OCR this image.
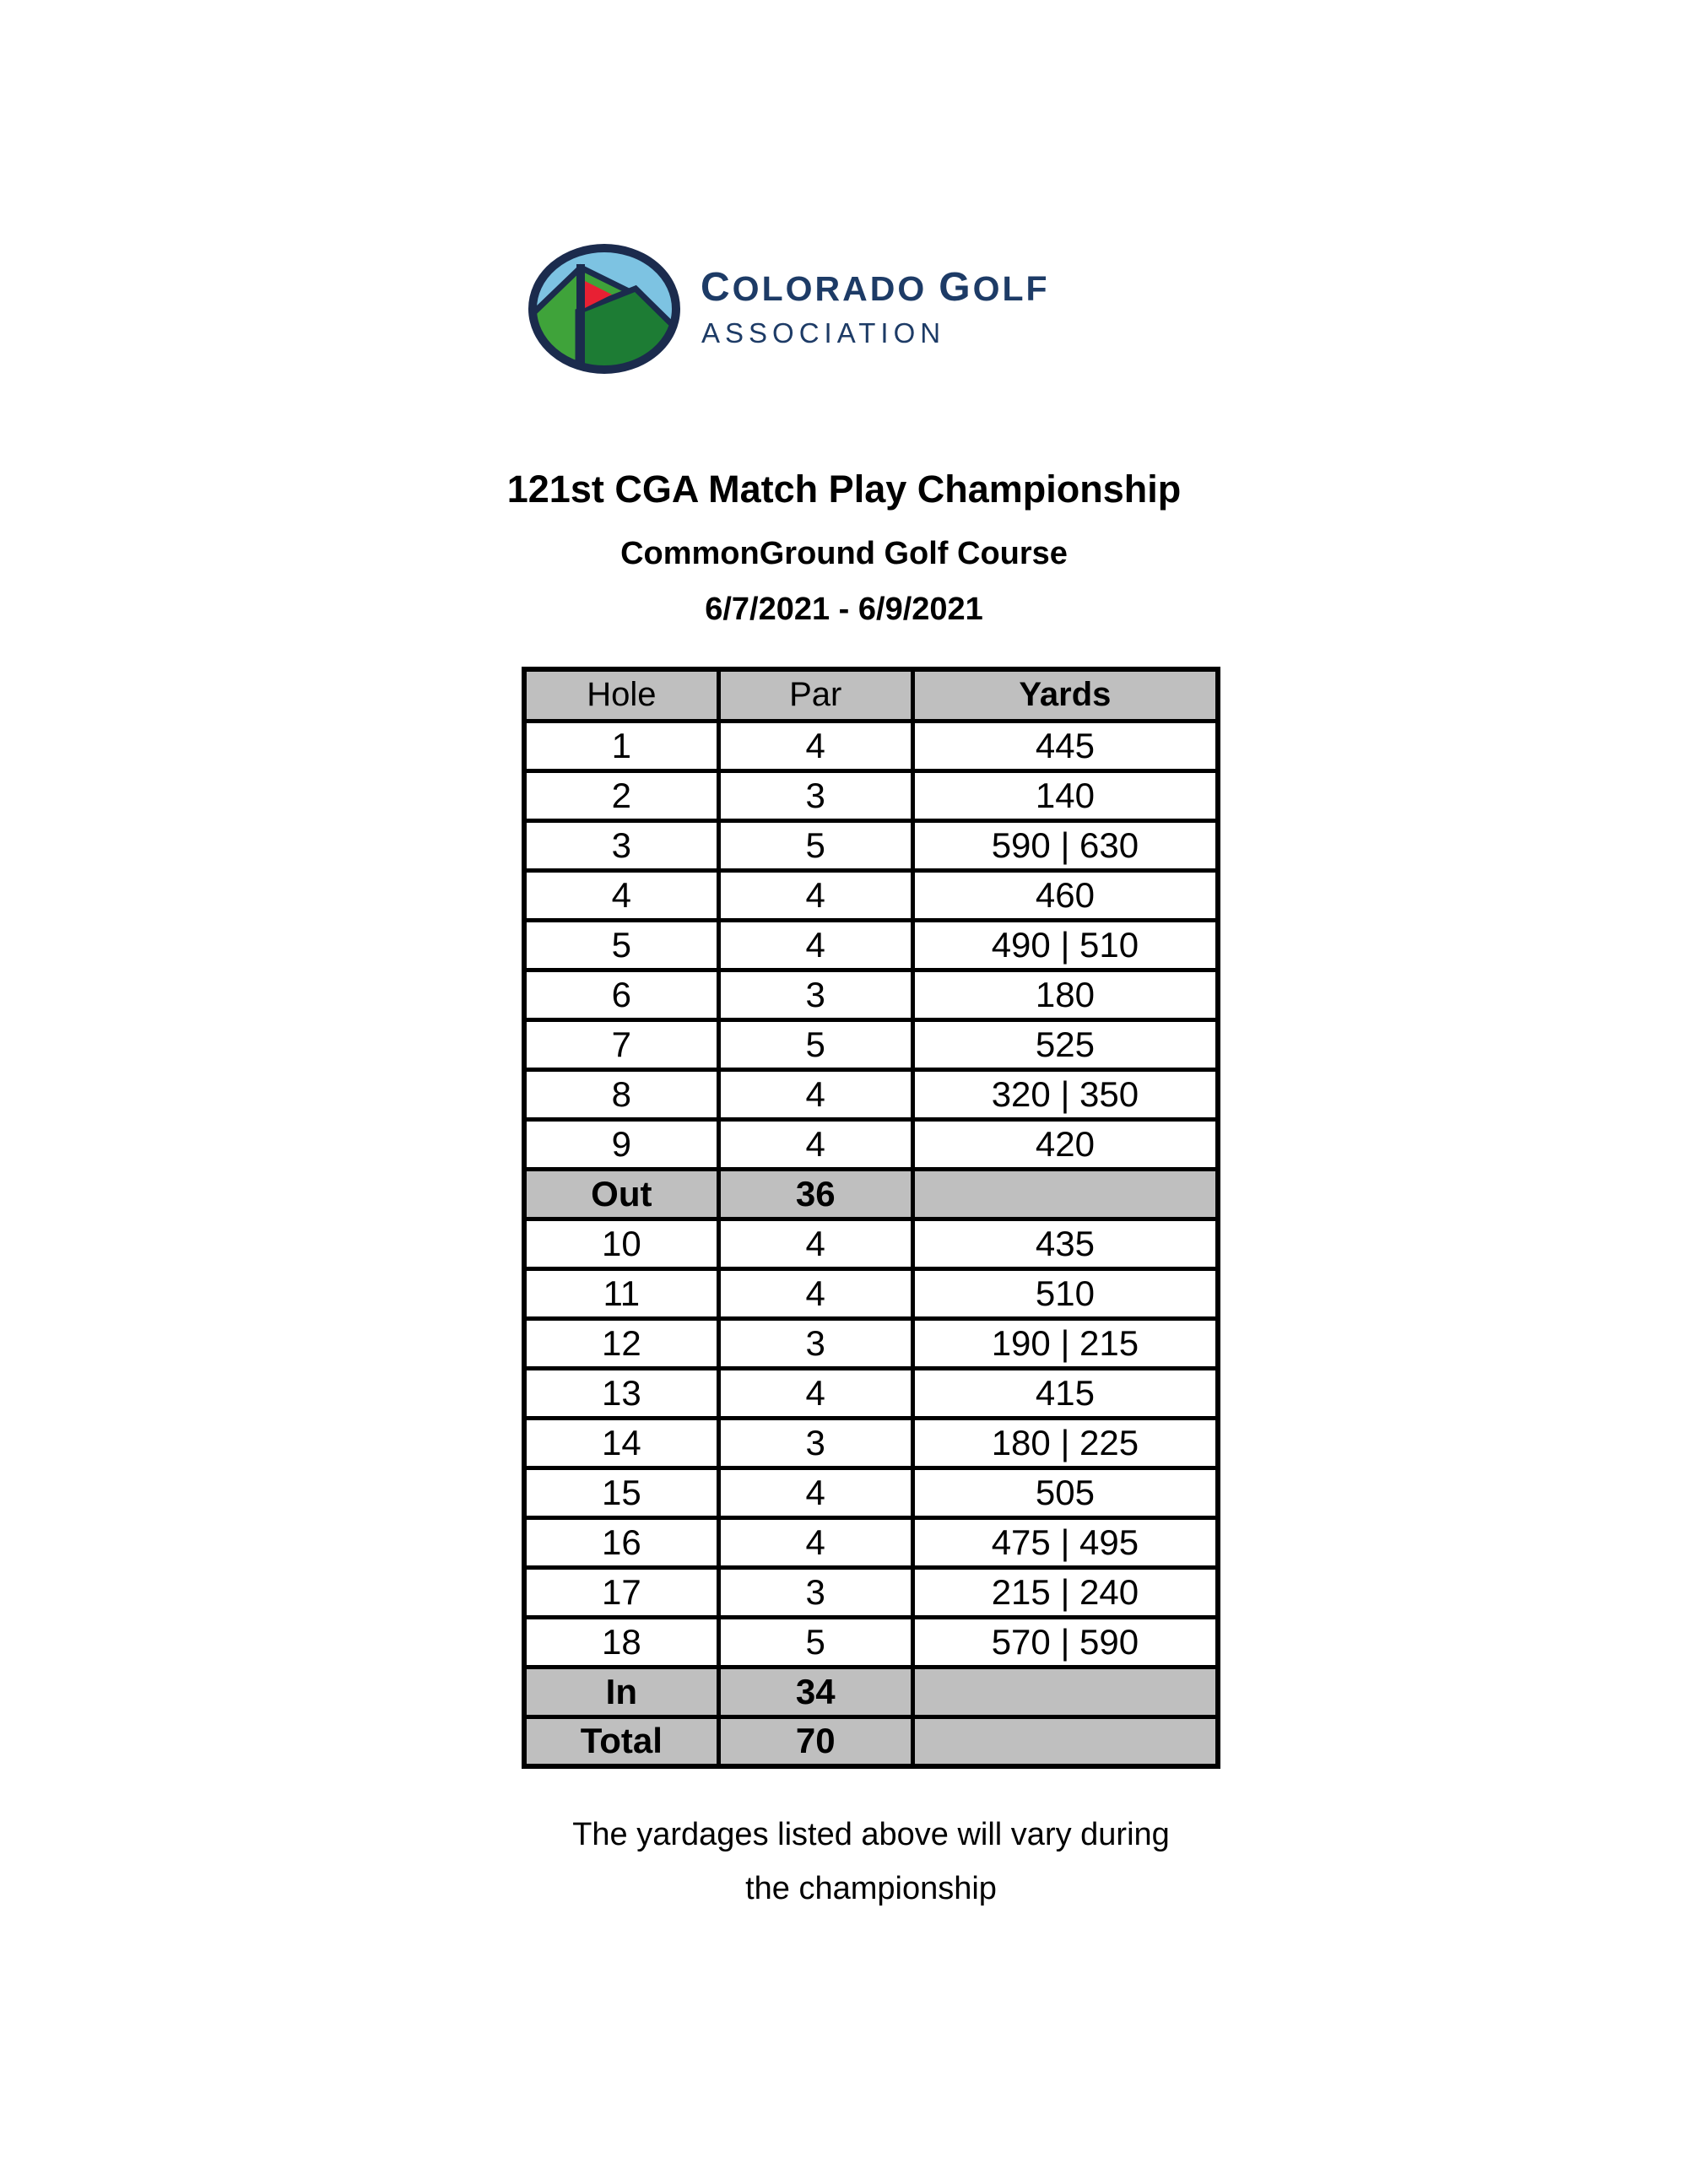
COLORADO GOLF
ASSOCIATION
121st CGA Match Play Championship
CommonGround Golf Course
6/7/2021 - 6/9/2021
Hole	Par	Yards
1	4	445
2	3	140
3	5	590 | 630
4	4	460
5	4	490 | 510
6	3	180
7	5	525
8	4	320 | 350
9	4	420
Out	36	
10	4	435
11	4	510
12	3	190 | 215
13	4	415
14	3	180 | 225
15	4	505
16	4	475 | 495
17	3	215 | 240
18	5	570 | 590
In	34	
Total	70	
The yardages listed above will vary during
the championship
